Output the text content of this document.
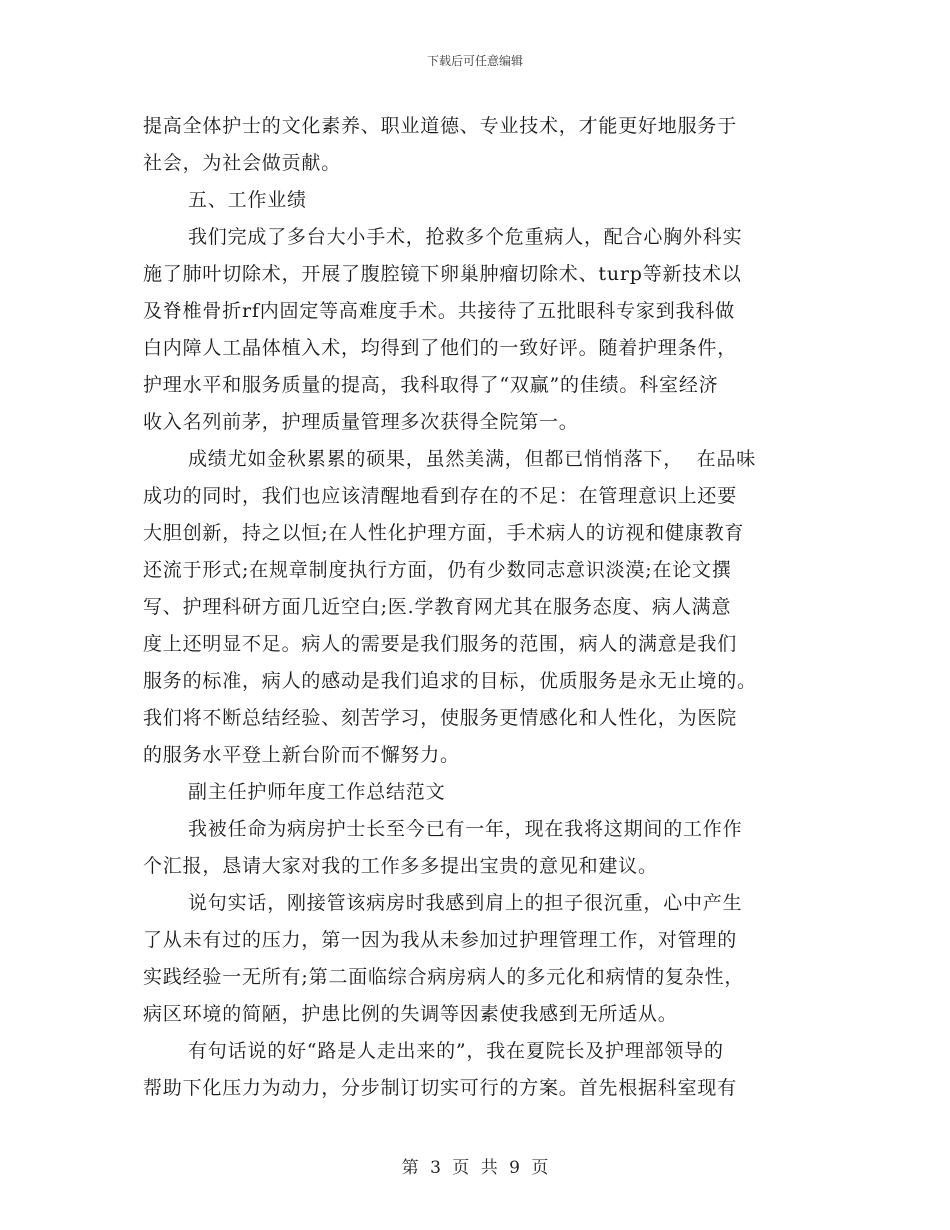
下载后可任意编辑
提高全体护士的文化素养、职业道德、专业技术，才能更好地服务于
社会，为社会做贡献。
五、工作业绩
我们完成了多台大小手术，抢救多个危重病人，配合心胸外科实
施了肺叶切除术，开展了腹腔镜下卵巢肿瘤切除术、turp等新技术以
及脊椎骨折rf内固定等高难度手术。共接待了五批眼科专家到我科做
白内障人工晶体植入术，均得到了他们的一致好评。随着护理条件，
护理水平和服务质量的提高，我科取得了“双赢”的佳绩。科室经济
收入名列前茅，护理质量管理多次获得全院第一。
成绩尤如金秋累累的硕果，虽然美满，但都已悄悄落下，  在品味
成功的同时，我们也应该清醒地看到存在的不足：在管理意识上还要
大胆创新，持之以恒;在人性化护理方面，手术病人的访视和健康教育
还流于形式;在规章制度执行方面，仍有少数同志意识淡漠;在论文撰
写、护理科研方面几近空白;医.学教育网尤其在服务态度、病人满意
度上还明显不足。病人的需要是我们服务的范围，病人的满意是我们
服务的标准，病人的感动是我们追求的目标，优质服务是永无止境的。
我们将不断总结经验、刻苦学习，使服务更情感化和人性化，为医院
的服务水平登上新台阶而不懈努力。
副主任护师年度工作总结范文
我被任命为病房护士长至今已有一年，现在我将这期间的工作作
个汇报，恳请大家对我的工作多多提出宝贵的意见和建议。
说句实话，刚接管该病房时我感到肩上的担子很沉重，心中产生
了从未有过的压力，第一因为我从未参加过护理管理工作，对管理的
实践经验一无所有;第二面临综合病房病人的多元化和病情的复杂性，
病区环境的简陋，护患比例的失调等因素使我感到无所适从。
有句话说的好“路是人走出来的”，我在夏院长及护理部领导的
帮助下化压力为动力，分步制订切实可行的方案。首先根据科室现有
第 3 页 共 9 页
